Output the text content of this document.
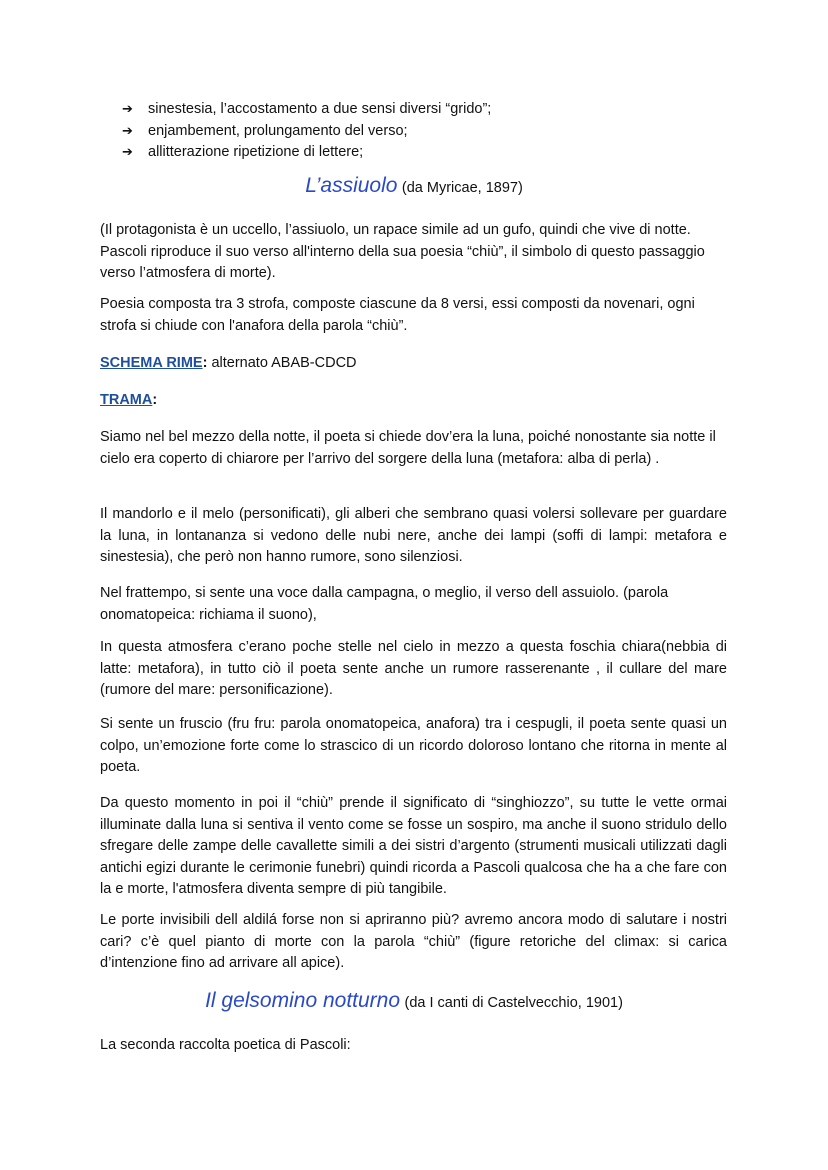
➔ sinestesia, l’accostamento a due sensi diversi “grido”;
➔ enjambement, prolungamento del verso;
➔ allitterazione ripetizione di lettere;
L’assiuolo (da Myricae, 1897)

(Il protagonista è un uccello, l’assiuolo, un rapace simile ad un gufo, quindi che vive di notte. Pascoli riproduce il suo verso all'interno della sua poesia “chiù”, il simbolo di questo passaggio verso l’atmosfera di morte).

Poesia composta tra 3 strofa, composte ciascune da 8 versi, essi composti da novenari, ogni strofa si chiude con l'anafora della parola “chiù”.

SCHEMA RIME: alternato ABAB-CDCD

TRAMA:

Siamo nel bel mezzo della notte, il poeta si chiede dov’era la luna, poiché nonostante sia notte il cielo era coperto di chiarore per l’arrivo del sorgere della luna (metafora: alba di perla) .

Il mandorlo e il melo (personificati), gli alberi che sembrano quasi volersi sollevare per guardare la luna, in lontananza si vedono delle nubi nere, anche dei lampi (soffi di lampi: metafora e sinestesia), che però non hanno rumore, sono silenziosi.

Nel frattempo, si sente una voce dalla campagna, o meglio, il verso dell assuiolo. (parola onomatopeica: richiama il suono),

In questa atmosfera c’erano poche stelle nel cielo in mezzo a questa foschia chiara(nebbia di latte: metafora), in tutto ciò il poeta sente anche un rumore rasserenante , il cullare del mare (rumore del mare: personificazione).

Si sente un fruscio (fru fru: parola onomatopeica, anafora) tra i cespugli, il poeta sente quasi un colpo, un’emozione forte come lo strascico di un ricordo doloroso lontano che ritorna in mente al poeta.

Da questo momento in poi il “chiù” prende il significato di “singhiozzo”, su tutte le vette ormai illuminate dalla luna si sentiva il vento come se fosse un sospiro, ma anche il suono stridulo dello sfregare delle zampe delle cavallette simili a dei sistri d’argento (strumenti musicali utilizzati dagli antichi egizi durante le cerimonie funebri) quindi ricorda a Pascoli qualcosa che ha a che fare con la e morte, l'atmosfera diventa sempre di più tangibile.

Le porte invisibili dell aldilá forse non si apriranno più? avremo ancora modo di salutare i nostri cari? c’è quel pianto di morte con la parola “chiù” (figure retoriche del climax: si carica d’intenzione fino ad arrivare all apice).

Il gelsomino notturno (da I canti di Castelvecchio, 1901)

La seconda raccolta poetica di Pascoli:
